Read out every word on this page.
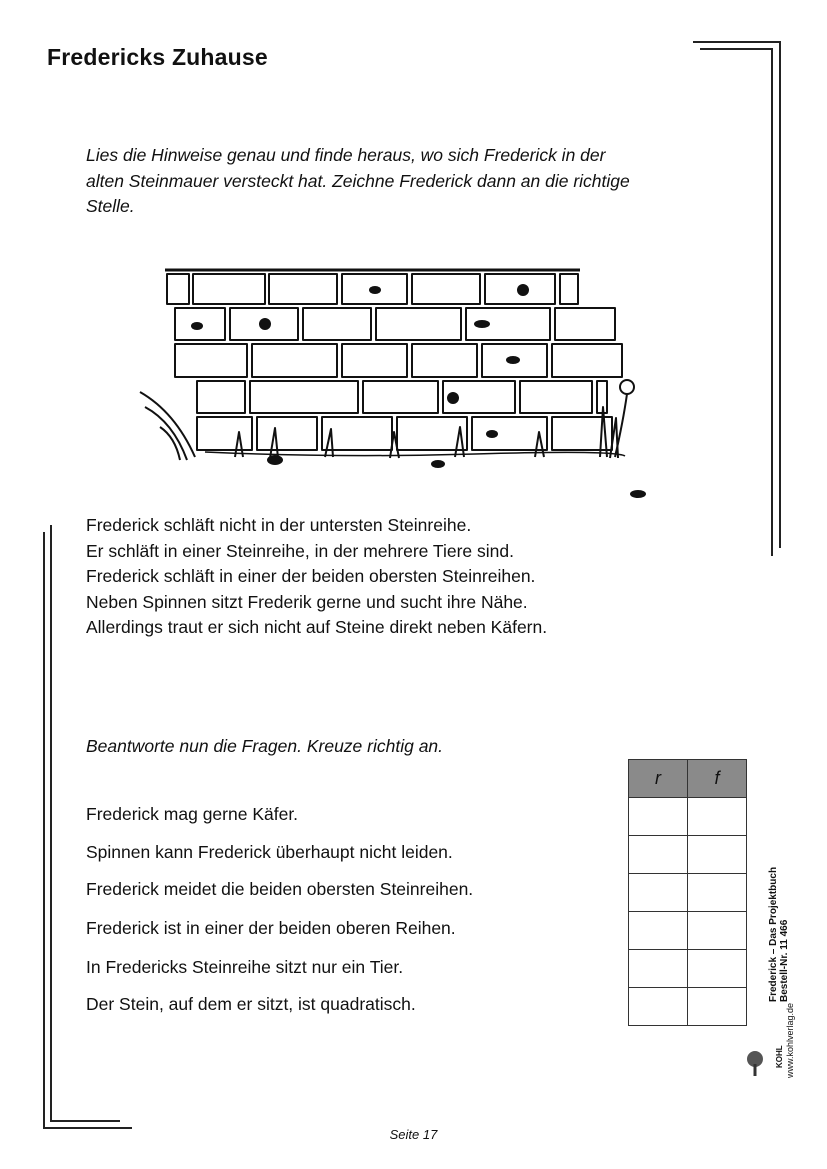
Fredericks Zuhause

Lies die Hinweise genau und finde heraus, wo sich Frederick in der

alten Steinmauer versteckt hat. Zeichne Frederick dann an die richtige

Stelle.

Frederick schläft nicht in der untersten Steinreihe.
Er schläft in einer Steinreihe, in der mehrere Tiere sind.
Frederick schläft in einer der beiden obersten Steinreihen.
Neben Spinnen sitzt Frederik gerne und sucht ihre Nähe.
Allerdings traut er sich nicht auf Steine direkt neben Käfern.
Beantworte nun die Fragen. Kreuze richtig an.
Frederick mag gerne Käfer.
Spinnen kann Frederick überhaupt nicht leiden.
Frederick meidet die beiden obersten Steinreihen.
Frederick ist in einer der beiden oberen Reihen.
In Fredericks Steinreihe sitzt nur ein Tier.
Der Stein, auf dem er sitzt, ist quadratisch.
r	f

Frederick – Das Projektbuch Bestell-Nr. 11 466
KOHL www.kohlverlag.de
Seite 17
